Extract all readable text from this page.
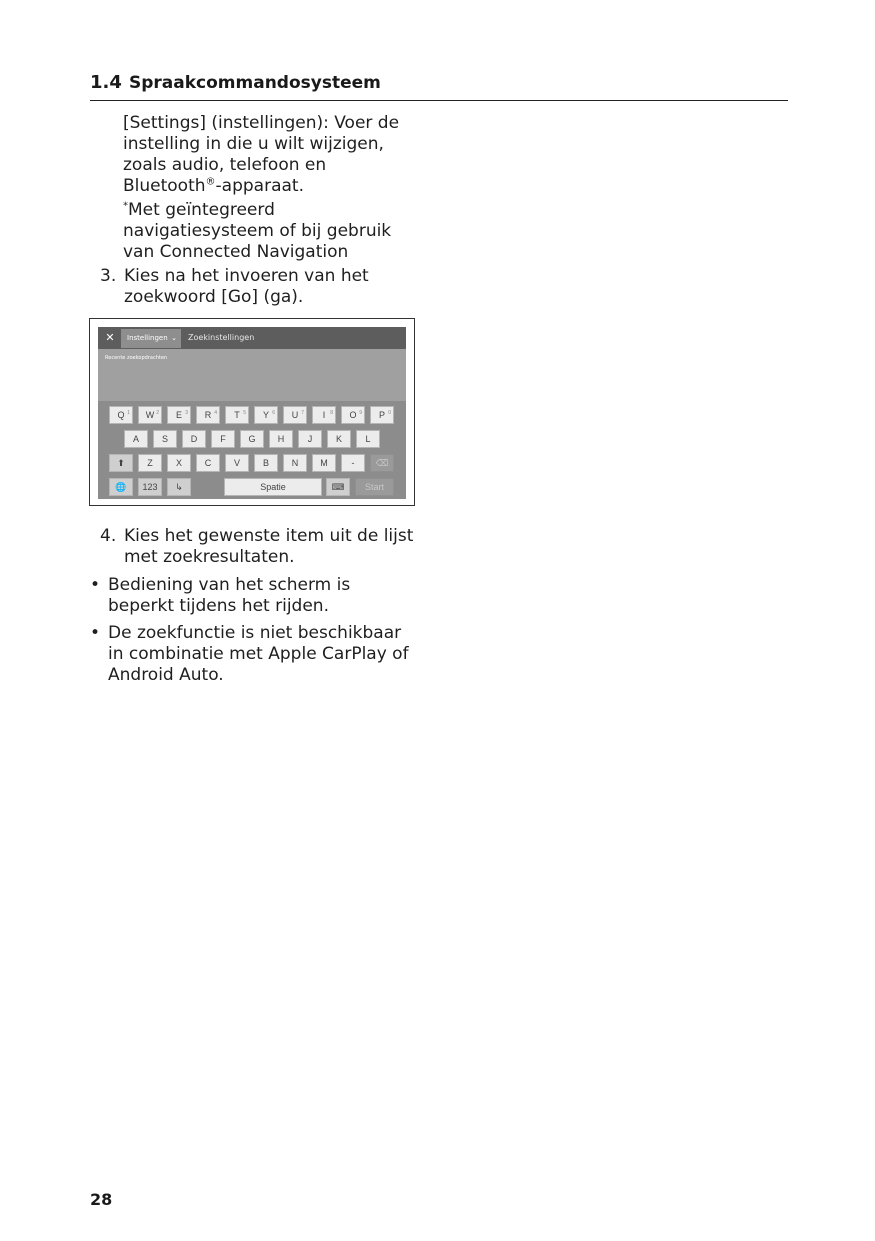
1.4 Spraakcommandosysteem
[Settings] (instellingen): Voer de instelling in die u wilt wijzigen, zoals audio, telefoon en Bluetooth®-apparaat.
*Met geïntegreerd navigatiesysteem of bij gebruik van Connected Navigation
3. Kies na het invoeren van het zoekwoord [Go] (ga).
✕	Instellingen ⌄ Zoekinstellingen
Recente zoekopdrachten
Q 1	W 2	E 3	R 4	T 5	Y 6	U 7	I 8	O 9	P 0
A	S	D	F	G	H	J	K	L
⬆	Z	X	C	V	B	N	M	-	⌫
🌐	123	↳	Spatie	⌨	Start
4. Kies het gewenste item uit de lijst met zoekresultaten.
• Bediening van het scherm is beperkt tijdens het rijden.
• De zoekfunctie is niet beschikbaar in combinatie met Apple CarPlay of Android Auto.
28
